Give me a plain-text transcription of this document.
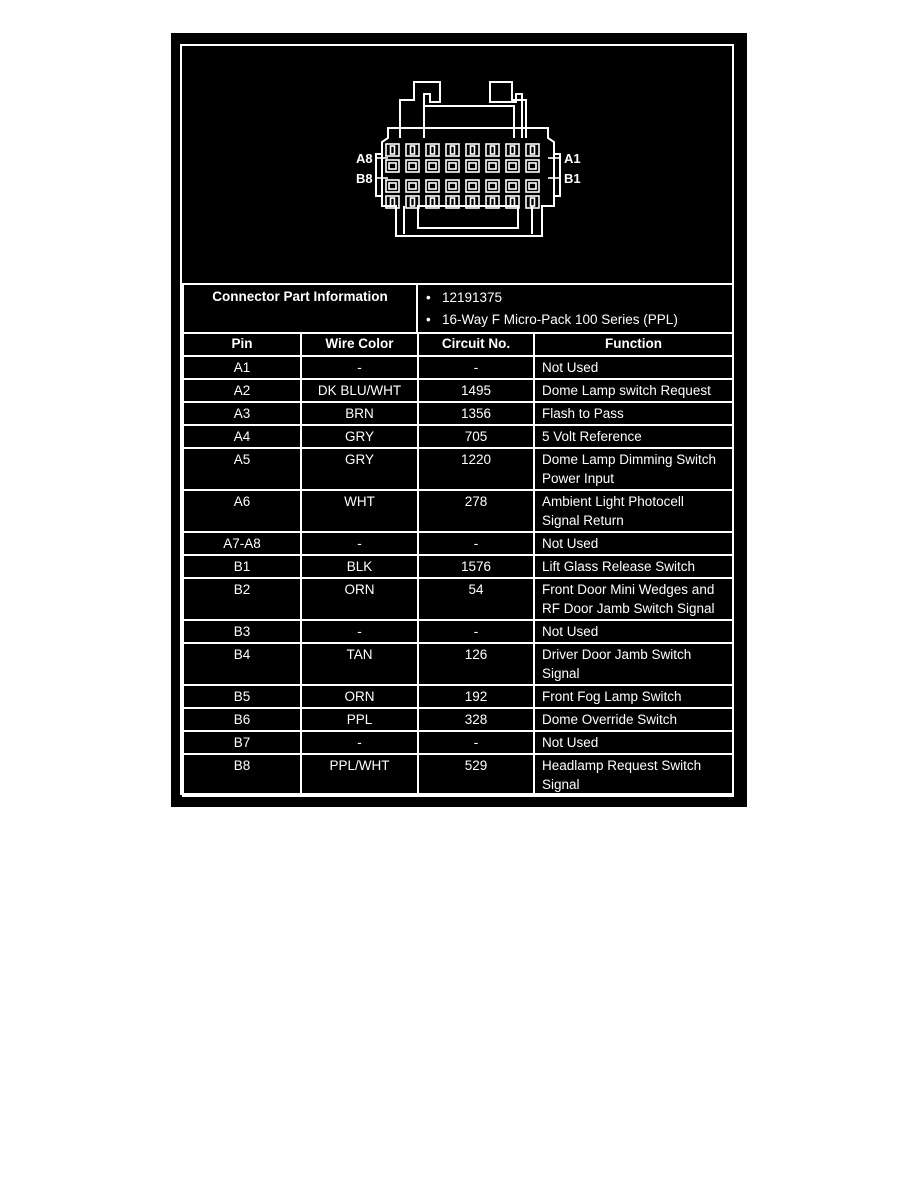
A8
B8
A1
B1
Connector Part Information	• 12191375
• 16-Way F Micro-Pack 100 Series (PPL)
Pin	Wire Color	Circuit No.	Function
A1	-	-	Not Used

A2	DK BLU/WHT	1495	Dome Lamp switch Request

A3	BRN	1356	Flash to Pass

A4	GRY	705	5 Volt Reference

A5	GRY	1220	Dome Lamp Dimming Switch
Power Input

A6	WHT	278	Ambient Light Photocell
Signal Return

A7-A8	-	-	Not Used

B1	BLK	1576	Lift Glass Release Switch

B2	ORN	54	Front Door Mini Wedges and
RF Door Jamb Switch Signal

B3	-	-	Not Used

B4	TAN	126	Driver Door Jamb Switch
Signal

B5	ORN	192	Front Fog Lamp Switch

B6	PPL	328	Dome Override Switch

B7	-	-	Not Used

B8	PPL/WHT	529	Headlamp Request Switch
Signal
